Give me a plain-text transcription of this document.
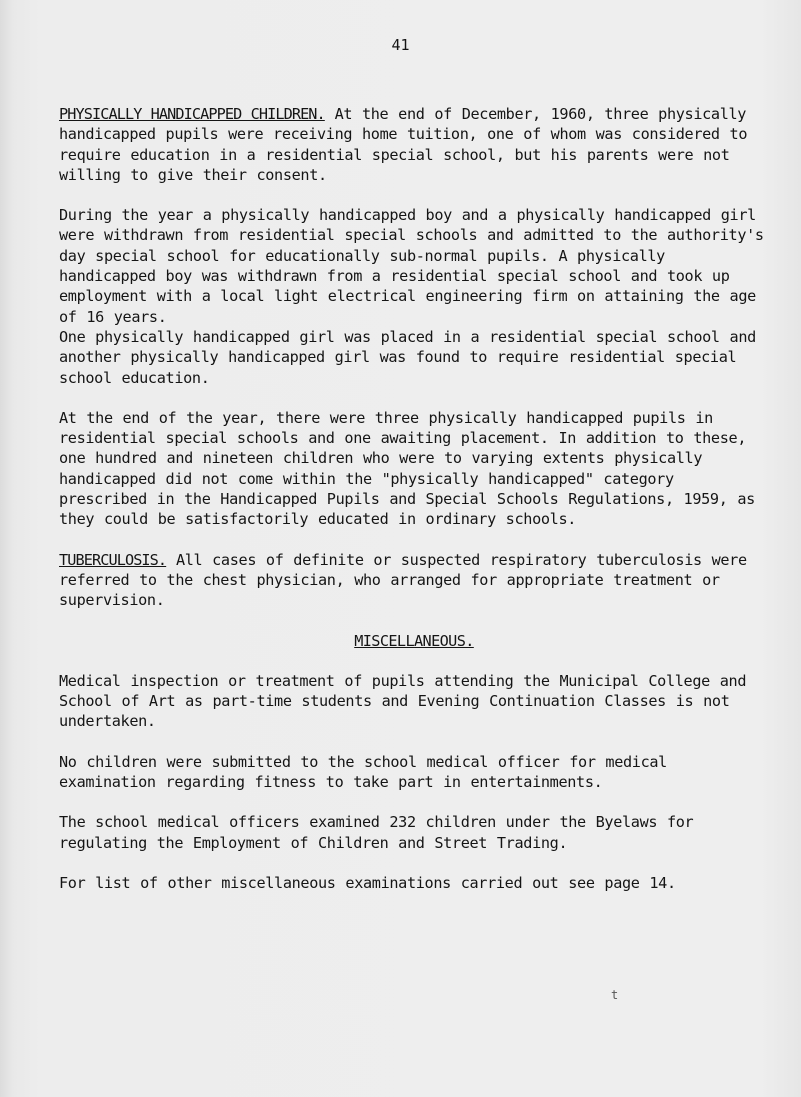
41

PHYSICALLY HANDICAPPED CHILDREN. At the end of December, 1960, three physically handicapped pupils were receiving home tuition, one of whom was considered to require education in a residential special school, but his parents were not willing to give their consent.

During the year a physically handicapped boy and a physically handicapped girl were withdrawn from residential special schools and admitted to the authority's day special school for educationally sub-normal pupils. A physically handicapped boy was withdrawn from a residential special school and took up employment with a local light electrical engineering firm on attaining the age of 16 years.

One physically handicapped girl was placed in a residential special school and another physically handicapped girl was found to require residential special school education.

At the end of the year, there were three physically handicapped pupils in residential special schools and one awaiting placement. In addition to these, one hundred and nineteen children who were to varying extents physically handicapped did not come within the "physically handicapped" category prescribed in the Handicapped Pupils and Special Schools Regulations, 1959, as they could be satisfactorily educated in ordinary schools.

TUBERCULOSIS. All cases of definite or suspected respiratory tuberculosis were referred to the chest physician, who arranged for appropriate treatment or supervision.

MISCELLANEOUS.

Medical inspection or treatment of pupils attending the Municipal College and School of Art as part-time students and Evening Continuation Classes is not undertaken.

No children were submitted to the school medical officer for medical examination regarding fitness to take part in entertainments.

The school medical officers examined 232 children under the Byelaws for regulating the Employment of Children and Street Trading.

For list of other miscellaneous examinations carried out see page 14.

t
